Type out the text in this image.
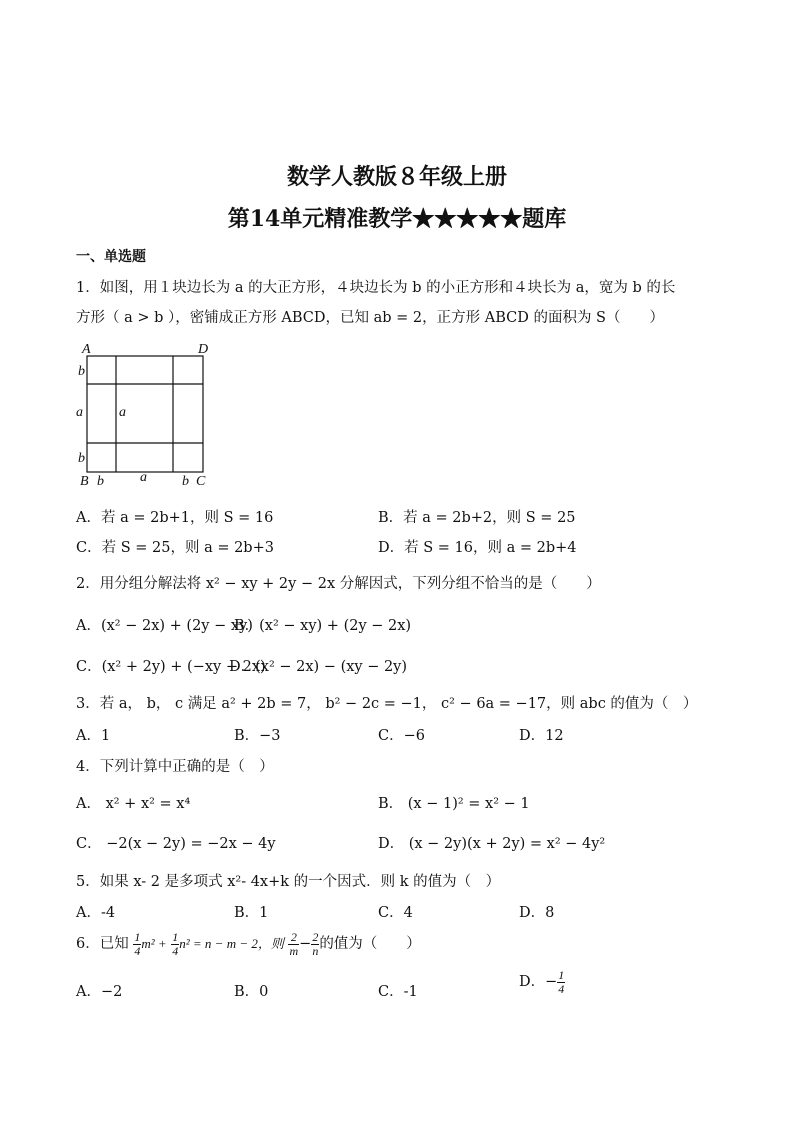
数学人教版８年级上册
第14单元精准教学★★★★★题库
一、单选题
1．如图，用１块边长为 a 的大正方形，４块边长为 b 的小正方形和４块长为 a，宽为 b 的长
方形（ a > b ），密铺成正方形 ABCD，已知 ab = 2，正方形 ABCD 的面积为 S（　　）
A	D
b
a	a
b
B b	a	b C
A．若 a = 2b+1，则 S = 16	B．若 a = 2b+2，则 S = 25
C．若 S = 25，则 a = 2b+3	D．若 S = 16，则 a = 2b+4
2．用分组分解法将 x² − xy + 2y − 2x 分解因式，下列分组不恰当的是（　　）
A．(x² − 2x) + (2y − xy)
B．(x² − xy) + (2y − 2x)
C．(x² + 2y) + (−xy − 2x)
D．(x² − 2x) − (xy − 2y)
3．若 a， b， c 满足 a² + 2b = 7， b² − 2c = −1， c² − 6a = −17，则 abc 的值为（　）
A．1	B．−3	C．−6	D．12
4．下列计算中正确的是（　）
A． x² + x² = x⁴	B． (x − 1)² = x² − 1
C． −2(x − 2y) = −2x − 4y	D． (x − 2y)(x + 2y) = x² − 4y²
5．如果 x- 2 是多项式 x²- 4x+k 的一个因式．则 k 的值为（　）
A．-4	B．1	C．4	D．8
6．已知 $\frac{1}{4} m^2 + \frac{1}{4} n^2 = n - m - 2$，则 $\frac{2}{m} - \frac{2}{n}$ 的值为（　　）
A．−2	B．0	C．-1
D．− $\frac{1}{4}$
